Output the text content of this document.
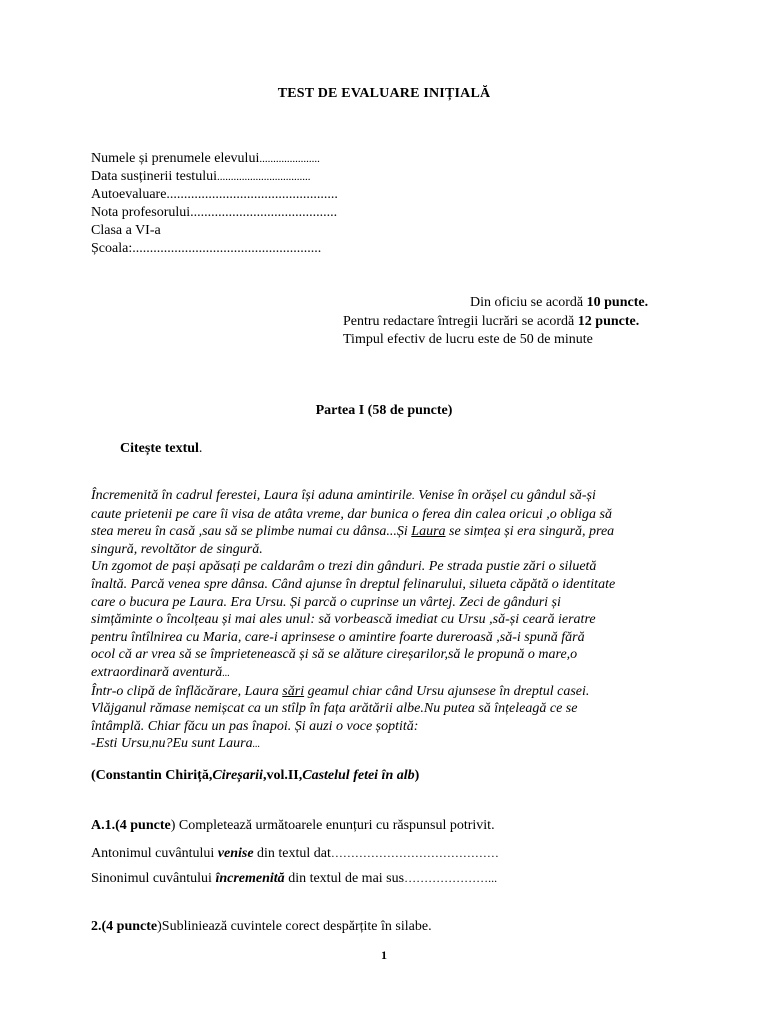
TEST DE EVALUARE INIȚIALĂ
Numele și prenumele elevului......................
Data susținerii testului..................................
Autoevaluare.................................................
Nota profesorului..........................................
Clasa a VI-a
Școala:......................................................
Din oficiu se acordă 10 puncte.
Pentru redactare întregii lucrări se acordă 12 puncte.
Timpul efectiv de lucru este de 50 de minute
Partea I (58 de puncte)
Citește textul.
Încremenită în cadrul ferestei, Laura își aduna amintirile. Venise în orășel cu gândul să-și
caute prietenii pe care îi visa de atâta vreme, dar bunica o ferea din calea oricui ,o obliga să
stea mereu în casă ,sau să se plimbe numai cu dânsa...Și Laura se simțea și era singură, prea
singură, revoltător de singură.
Un zgomot de pași apăsați pe caldarâm o trezi din gânduri. Pe strada pustie zări o siluetă
înaltă. Parcă venea spre dânsa. Când ajunse în dreptul felinarului, silueta căpătă o identitate
care o bucura pe Laura. Era Ursu. Și parcă o cuprinse un vârtej. Zeci de gânduri și
simțăminte o încolțeau și mai ales unul: să vorbească imediat cu Ursu ,să-și ceară ieratre
pentru întîlnirea cu Maria, care-i aprinsese o amintire foarte dureroasă ,să-i spună fără
ocol că ar vrea să se împrietenească și să se alăture cireșarilor,să le propună o mare,o
extraordinară aventură...
Într-o clipă de înflăcărare, Laura sări geamul chiar când Ursu ajunsese în dreptul casei.
Vlăjganul rămase nemișcat ca un stîlp în fața arătării albe.Nu putea să înțeleagă ce se
întâmplă. Chiar făcu un pas înapoi. Și auzi o voce șoptită:
-Esti Ursu,nu?Eu sunt Laura...
(Constantin Chiriță,Cireșarii,vol.II,Castelul fetei în alb)
A.1.(4 puncte) Completează următoarele enunțuri cu răspunsul potrivit.
Antonimul cuvântului venise din textul dat……………………………………
Sinonimul cuvântului încremenită din textul de mai sus…………………...
2.(4 puncte)Subliniează cuvintele corect despărțite în silabe.
1
